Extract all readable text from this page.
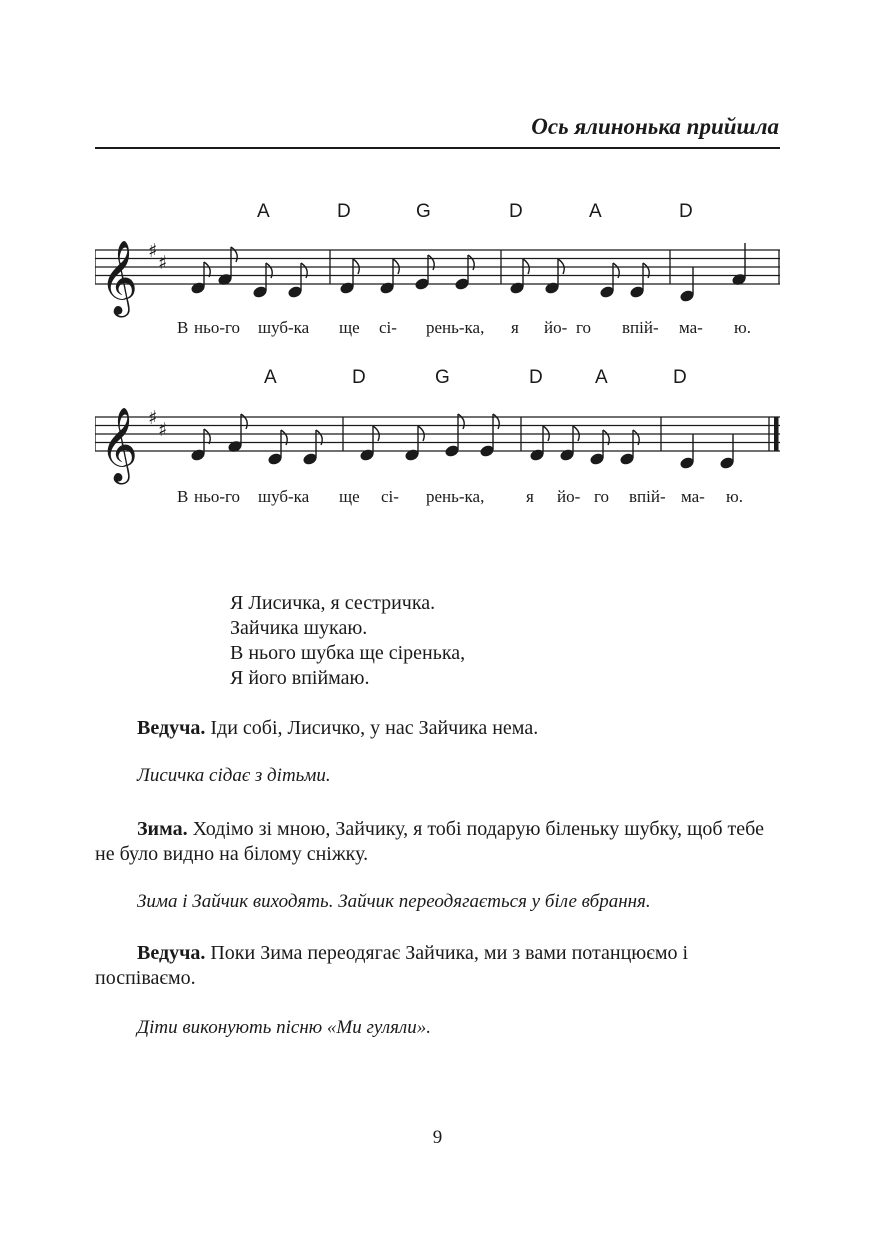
Ось ялинонька прийшла
A	D	G	D	A	D
𝄞 ♯
♯
В ньо-го шуб-ка ще сі- рень-ка, я йо- го впій- ма- ю.
A	D	G	D	A	D
𝄞 ♯
♯
В ньо-го шуб-ка ще сі- рень-ка, я йо- го впій- ма- ю.
Я Лисичка, я сестричка.
Зайчика шукаю.
В нього шубка ще сіренька,
Я його впіймаю.
Ведуча. Іди собі, Лисичко, у нас Зайчика нема.
Лисичка сідає з дітьми.
Зима. Ходімо зі мною, Зайчику, я тобі подарую біленьку шубку, щоб тебе не було видно на білому сніжку.
Зима і Зайчик виходять. Зайчик переодягається у біле вбрання.
Ведуча. Поки Зима переодягає Зайчика, ми з вами потанцюємо і поспіваємо.
Діти виконують пісню «Ми гуляли».
9
